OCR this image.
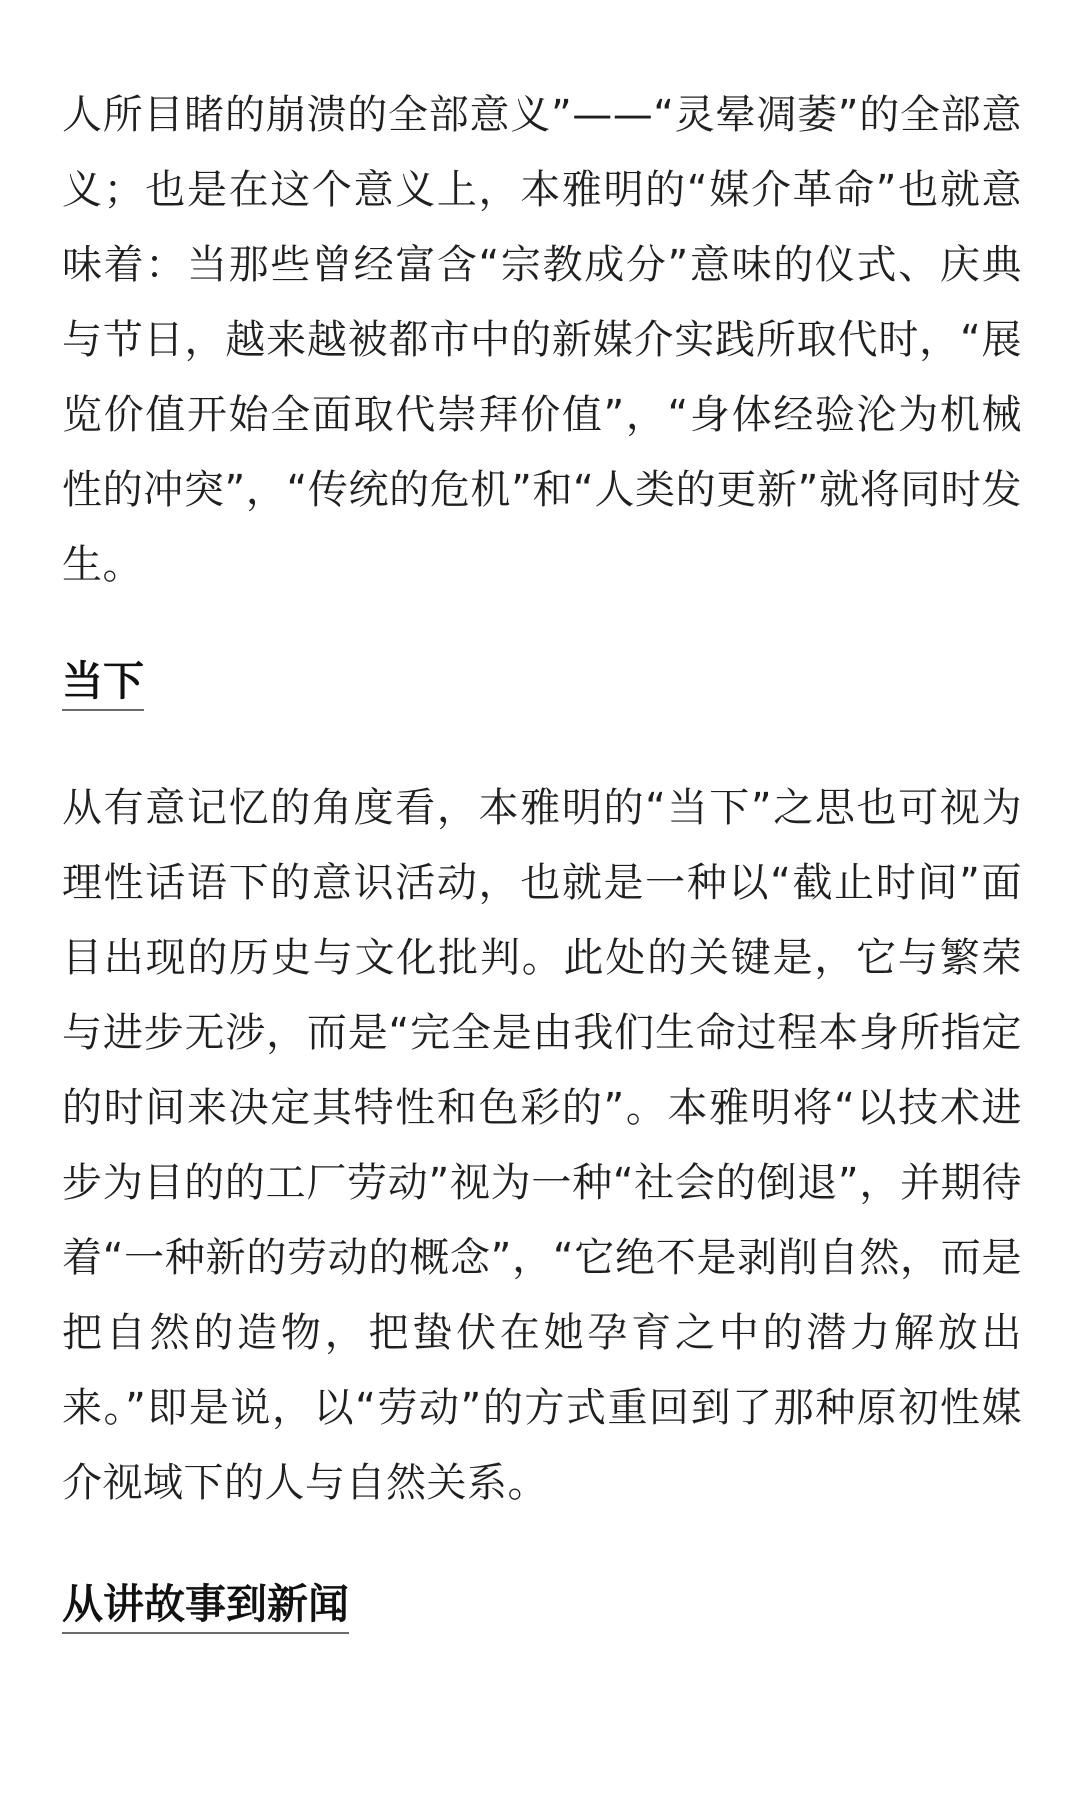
人所目睹的崩溃的全部意义”——“灵晕凋萎”的全部意义；也是在这个意义上，本雅明的“媒介革命”也就意味着：当那些曾经富含“宗教成分”意味的仪式、庆典与节日，越来越被都市中的新媒介实践所取代时，“展览价值开始全面取代崇拜价值”，“身体经验沦为机械性的冲突”，“传统的危机”和“人类的更新”就将同时发生。

当下

从有意记忆的角度看，本雅明的“当下”之思也可视为理性话语下的意识活动，也就是一种以“截止时间”面目出现的历史与文化批判。此处的关键是，它与繁荣与进步无涉，而是“完全是由我们生命过程本身所指定的时间来决定其特性和色彩的”。本雅明将“以技术进步为目的的工厂劳动”视为一种“社会的倒退”，并期待着“一种新的劳动的概念”，“它绝不是剥削自然，而是把自然的造物，把蛰伏在她孕育之中的潜力解放出来。”即是说，以“劳动”的方式重回到了那种原初性媒介视域下的人与自然关系。

从讲故事到新闻
